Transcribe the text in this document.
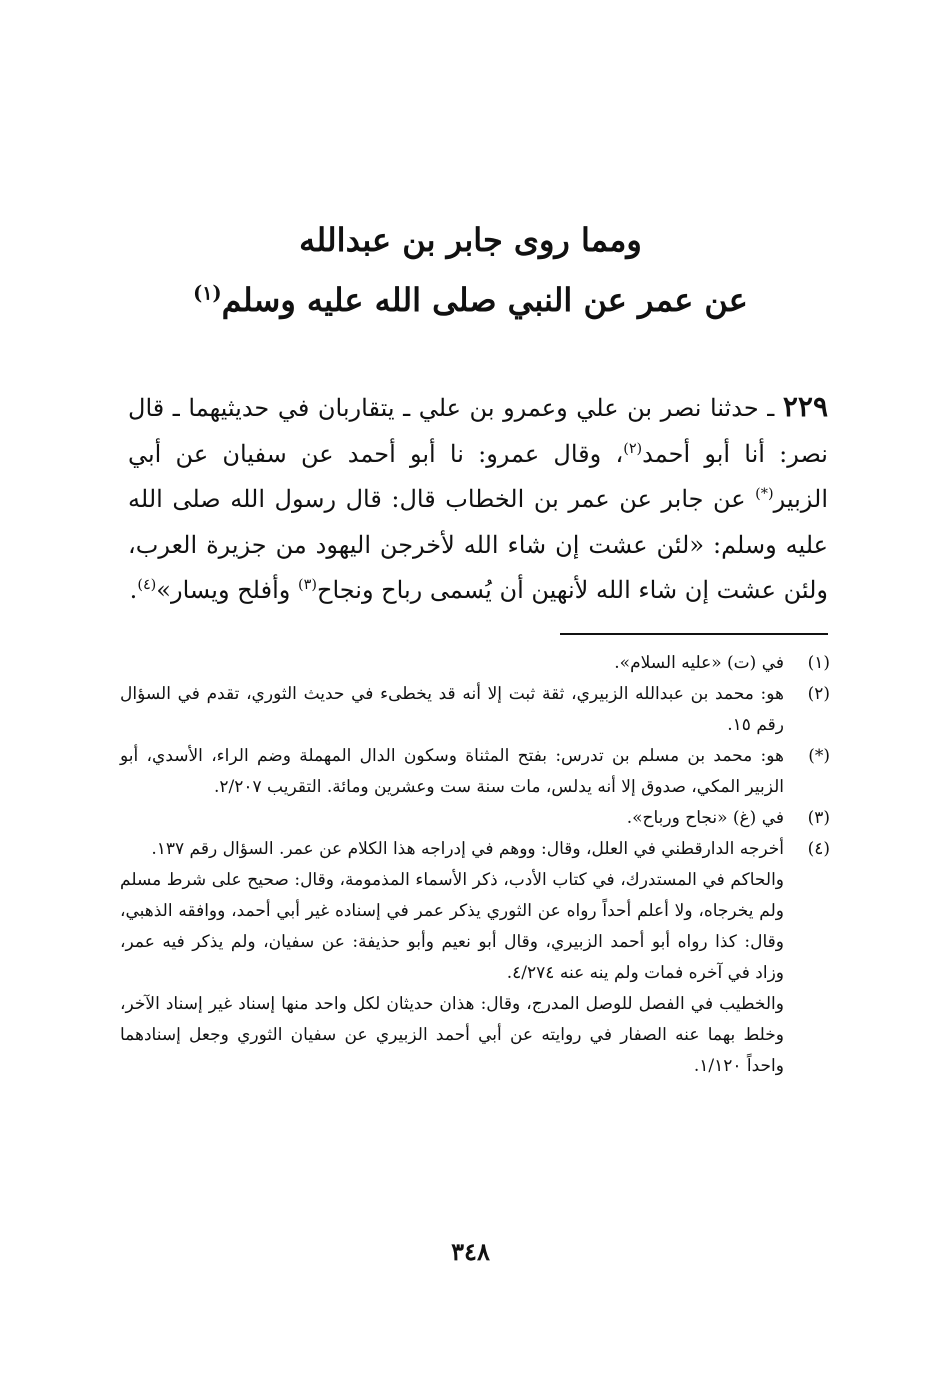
ومما روى جابر بن عبدالله
عن عمر عن النبي صلى الله عليه وسلم$^{(١)}$
٢٢٩ ـ حدثنا نصر بن علي وعمرو بن علي ـ يتقاربان في حديثيهما ـ قال نصر: أنا أبو أحمد$^{(٢)}$، وقال عمرو: نا أبو أحمد عن سفيان عن أبي الزبير(*) عن جابر عن عمر بن الخطاب قال: قال رسول الله صلى الله عليه وسلم: «لئن عشت إن شاء الله لأخرجن اليهود من جزيرة العرب، ولئن عشت إن شاء الله لأنهين أن يُسمى رباح ونجاح$^{(٣)}$ وأفلح ويسار»$^{(٤)}$.
(١)

في (ت) «عليه السلام».

(٢)

هو: محمد بن عبدالله الزبيري، ثقة ثبت إلا أنه قد يخطىء في حديث الثوري، تقدم في السؤال رقم ١٥.

(*)

هو: محمد بن مسلم بن تدرس: بفتح المثناة وسكون الدال المهملة وضم الراء، الأسدي، أبو الزبير المكي، صدوق إلا أنه يدلس، مات سنة ست وعشرين ومائة. التقريب ٢/٢٠٧.

(٣)

في (غ) «نجاح ورباح».

(٤)

أخرجه الدارقطني في العلل، وقال: ووهم في إدراجه هذا الكلام عن عمر. السؤال رقم ١٣٧.

والحاكم في المستدرك، في كتاب الأدب، ذكر الأسماء المذمومة، وقال: صحيح على شرط مسلم ولم يخرجاه، ولا أعلم أحداً رواه عن الثوري يذكر عمر في إسناده غير أبي أحمد، ووافقه الذهبي، وقال: كذا رواه أبو أحمد الزبيري، وقال أبو نعيم وأبو حذيفة: عن سفيان، ولم يذكر فيه عمر، وزاد في آخره فمات ولم ينه عنه ٤/٢٧٤.

والخطيب في الفصل للوصل المدرج، وقال: هذان حديثان لكل واحد منها إسناد غير إسناد الآخر، وخلط بهما عنه الصفار في روايته عن أبي أحمد الزبيري عن سفيان الثوري وجعل إسنادهما واحداً ١/١٢٠.

٣٤٨
